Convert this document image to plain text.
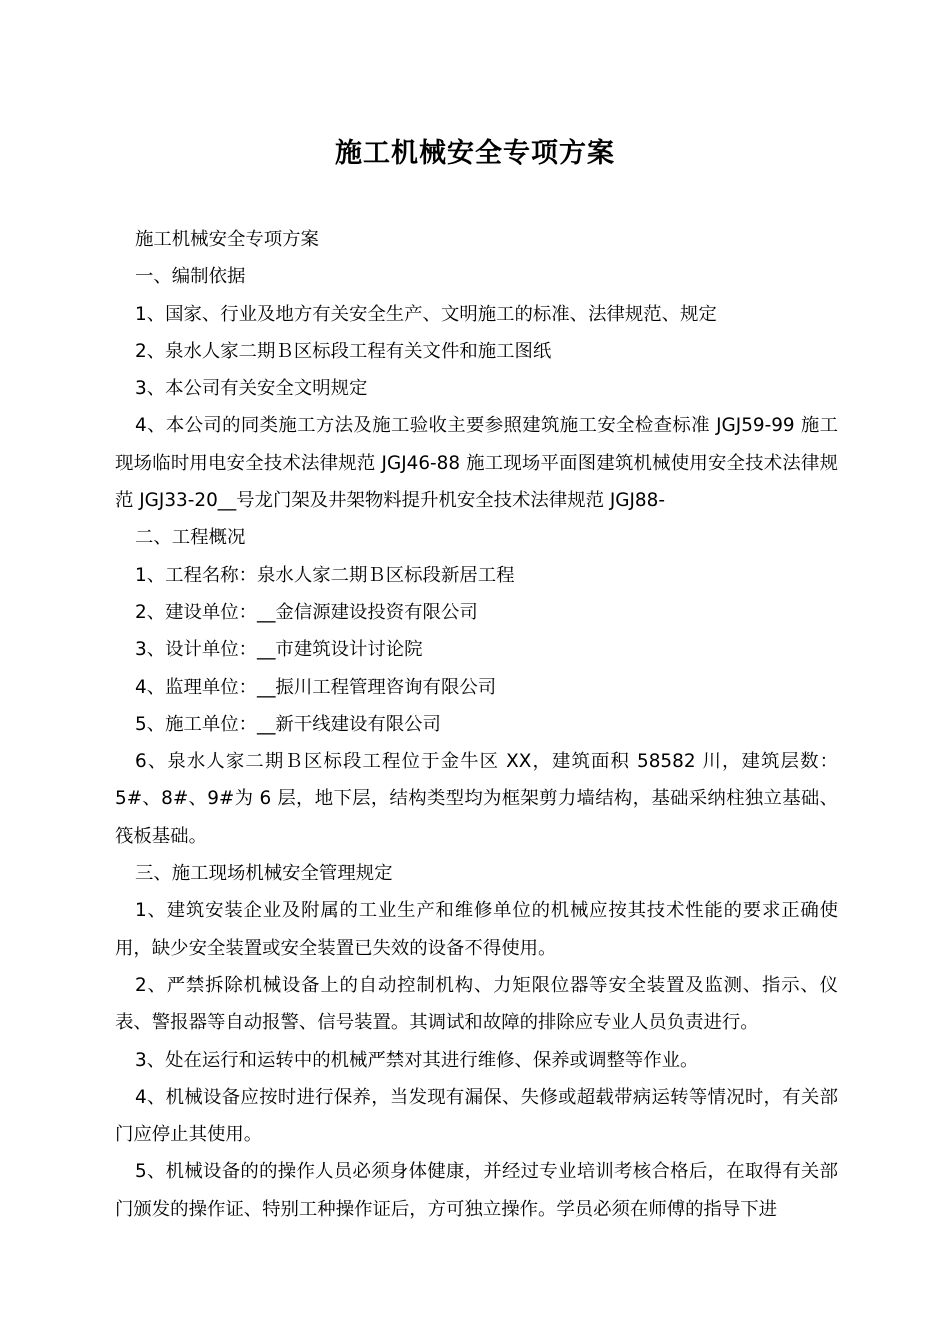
施工机械安全专项方案

施工机械安全专项方案

一、编制依据

1、国家、行业及地方有关安全生产、文明施工的标准、法律规范、规定

2、泉水人家二期Ｂ区标段工程有关文件和施工图纸

3、本公司有关安全文明规定

4、本公司的同类施工方法及施工验收主要参照建筑施工安全检查标准 JGJ59-99 施工现场临时用电安全技术法律规范 JGJ46-88 施工现场平面图建筑机械使用安全技术法律规范 JGJ33-20__号龙门架及井架物料提升机安全技术法律规范 JGJ88-

二、工程概况

1、工程名称：泉水人家二期Ｂ区标段新居工程

2、建设单位：__金信源建设投资有限公司

3、设计单位：__市建筑设计讨论院

4、监理单位：__振川工程管理咨询有限公司

5、施工单位：__新干线建设有限公司

6、泉水人家二期Ｂ区标段工程位于金牛区 XX，建筑面积 58582 川，建筑层数：5#、8#、9#为 6 层，地下层，结构类型均为框架剪力墙结构，基础采纳柱独立基础、筏板基础。

三、施工现场机械安全管理规定

1、建筑安装企业及附属的工业生产和维修单位的机械应按其技术性能的要求正确使用，缺少安全装置或安全装置已失效的设备不得使用。

2、严禁拆除机械设备上的自动控制机构、力矩限位器等安全装置及监测、指示、仪表、警报器等自动报警、信号装置。其调试和故障的排除应专业人员负责进行。

3、处在运行和运转中的机械严禁对其进行维修、保养或调整等作业。

4、机械设备应按时进行保养，当发现有漏保、失修或超载带病运转等情况时，有关部门应停止其使用。

5、机械设备的的操作人员必须身体健康，并经过专业培训考核合格后，在取得有关部门颁发的操作证、特别工种操作证后，方可独立操作。学员必须在师傅的指导下进
